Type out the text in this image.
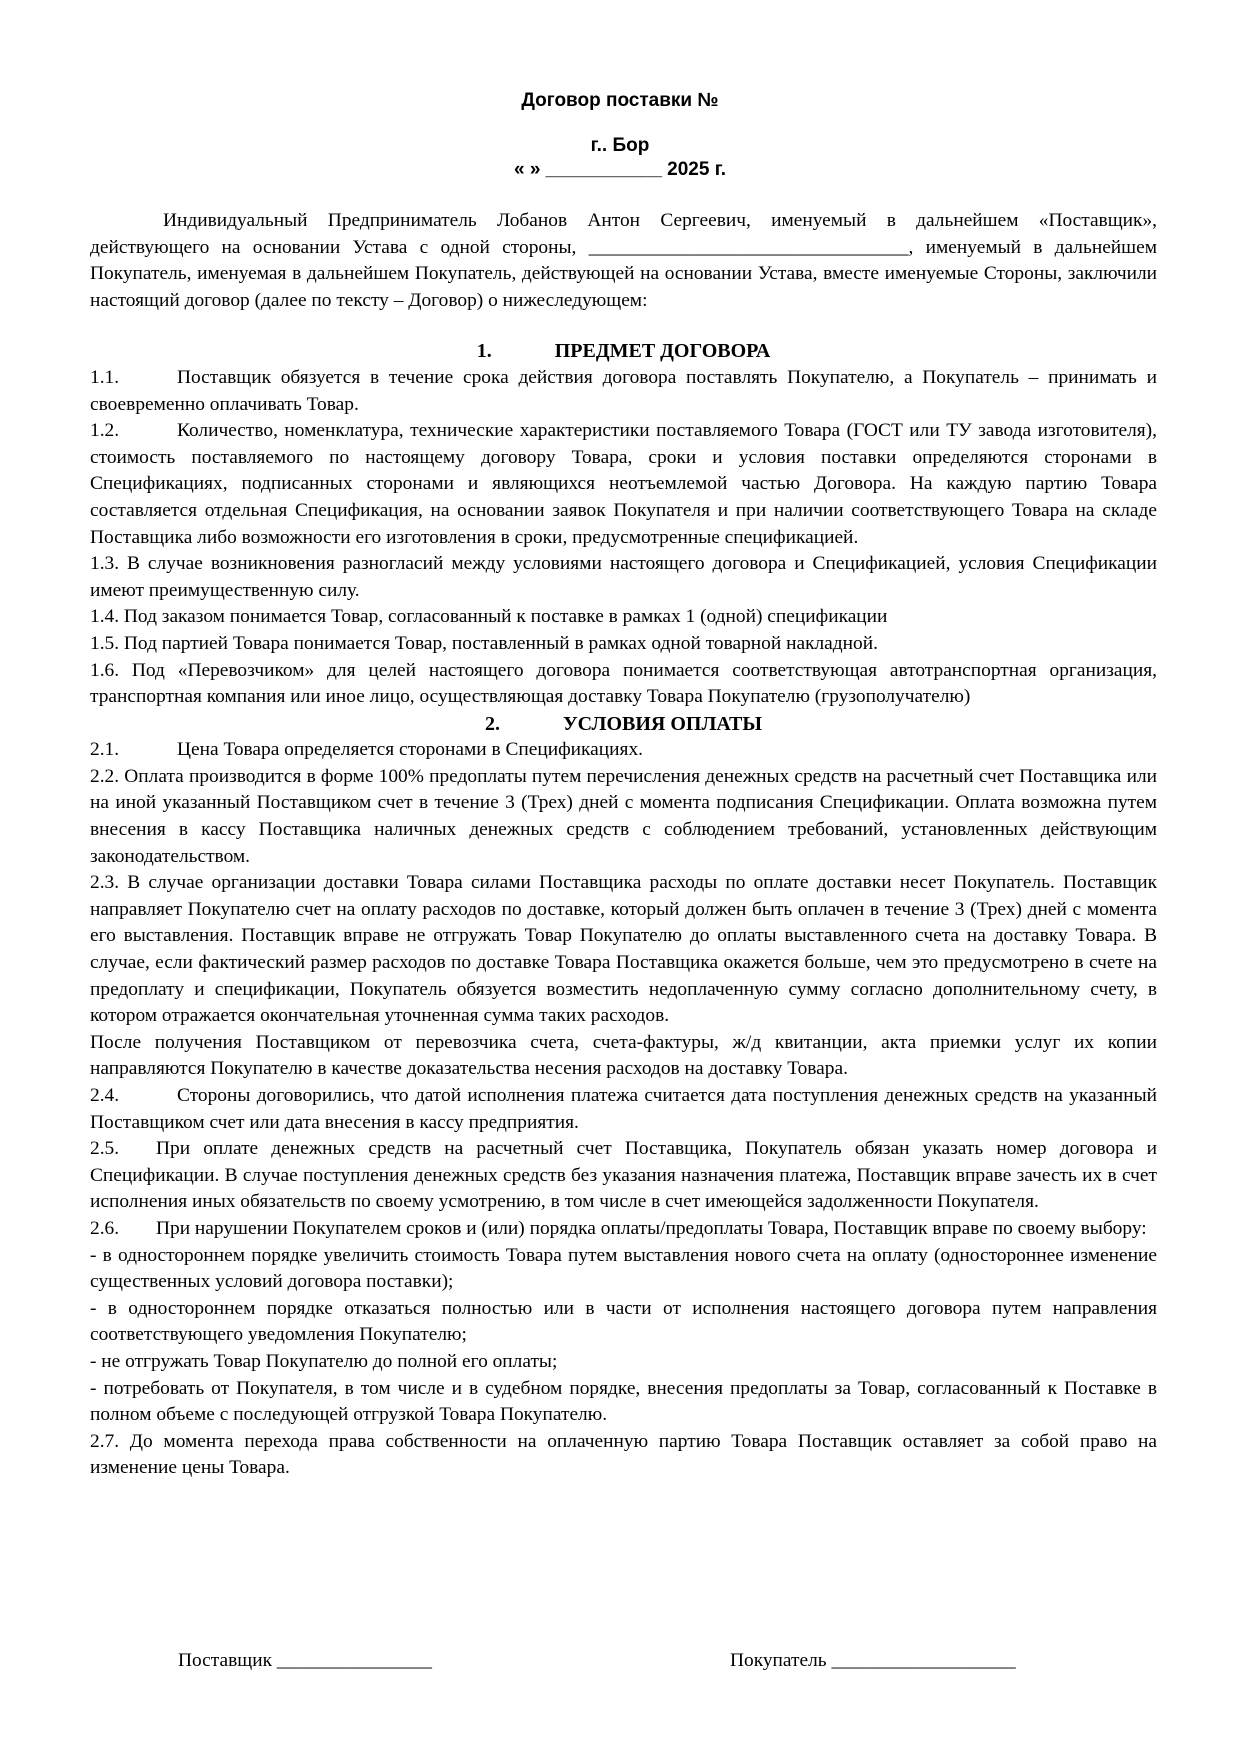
Договор поставки №
г.. Бор
« » ___________ 2025 г.

Индивидуальный Предприниматель Лобанов Антон Сергеевич, именуемый в дальнейшем «Поставщик», действующего на основании Устава с одной стороны, _________________________________, именуемый в дальнейшем Покупатель, именуемая в дальнейшем Покупатель, действующей на основании Устава, вместе именуемые Стороны, заключили настоящий договор (далее по тексту – Договор) о нижеследующем:

1.	ПРЕДМЕТ ДОГОВОРА

1.1.	Поставщик обязуется в течение срока действия договора поставлять Покупателю, а Покупатель – принимать и своевременно оплачивать Товар.

1.2.	Количество, номенклатура, технические характеристики поставляемого Товара (ГОСТ или ТУ завода изготовителя), стоимость поставляемого по настоящему договору Товара, сроки и условия поставки определяются сторонами в Спецификациях, подписанных сторонами и являющихся неотъемлемой частью Договора. На каждую партию Товара составляется отдельная Спецификация, на основании заявок Покупателя и при наличии соответствующего Товара на складе Поставщика либо возможности его изготовления в сроки, предусмотренные спецификацией.

1.3. В случае возникновения разногласий между условиями настоящего договора и Спецификацией, условия Спецификации имеют преимущественную силу.

1.4. Под заказом понимается Товар, согласованный к поставке в рамках 1 (одной) спецификации

1.5. Под партией Товара понимается Товар, поставленный в рамках одной товарной накладной.

1.6. Под «Перевозчиком» для целей настоящего договора понимается соответствующая автотранспортная организация, транспортная компания или иное лицо, осуществляющая доставку Товара Покупателю (грузополучателю)

2.	УСЛОВИЯ ОПЛАТЫ

2.1.	Цена Товара определяется сторонами в Спецификациях.

2.2. Оплата производится в форме 100% предоплаты путем перечисления денежных средств на расчетный счет Поставщика или на иной указанный Поставщиком счет в течение 3 (Трех) дней с момента подписания Спецификации. Оплата возможна путем внесения в кассу Поставщика наличных денежных средств с соблюдением требований, установленных действующим законодательством.

2.3. В случае организации доставки Товара силами Поставщика расходы по оплате доставки несет Покупатель. Поставщик направляет Покупателю счет на оплату расходов по доставке, который должен быть оплачен в течение 3 (Трех) дней с момента его выставления. Поставщик вправе не отгружать Товар Покупателю до оплаты выставленного счета на доставку Товара. В случае, если фактический размер расходов по доставке Товара Поставщика окажется больше, чем это предусмотрено в счете на предоплату и спецификации, Покупатель обязуется возместить недоплаченную сумму согласно дополнительному счету, в котором отражается окончательная уточненная сумма таких расходов.

После получения Поставщиком от перевозчика счета, счета-фактуры, ж/д квитанции, акта приемки услуг их копии направляются Покупателю в качестве доказательства несения расходов на доставку Товара.

2.4.	Стороны договорились, что датой исполнения платежа считается дата поступления денежных средств на указанный Поставщиком счет или дата внесения в кассу предприятия.

2.5. При оплате денежных средств на расчетный счет Поставщика, Покупатель обязан указать номер договора и Спецификации. В случае поступления денежных средств без указания назначения платежа, Поставщик вправе зачесть их в счет исполнения иных обязательств по своему усмотрению, в том числе в счет имеющейся задолженности Покупателя.

2.6. При нарушении Покупателем сроков и (или) порядка оплаты/предоплаты Товара, Поставщик вправе по своему выбору:

- в одностороннем порядке увеличить стоимость Товара путем выставления нового счета на оплату (одностороннее изменение существенных условий договора поставки);

- в одностороннем порядке отказаться полностью или в части от исполнения настоящего договора путем направления соответствующего уведомления Покупателю;

- не отгружать Товар Покупателю до полной его оплаты;

- потребовать от Покупателя, в том числе и в судебном порядке, внесения предоплаты за Товар, согласованный к Поставке в полном объеме с последующей отгрузкой Товара Покупателю.

2.7. До момента перехода права собственности на оплаченную партию Товара Поставщик оставляет за собой право на изменение цены Товара.

Поставщик ________________	Покупатель ___________________
